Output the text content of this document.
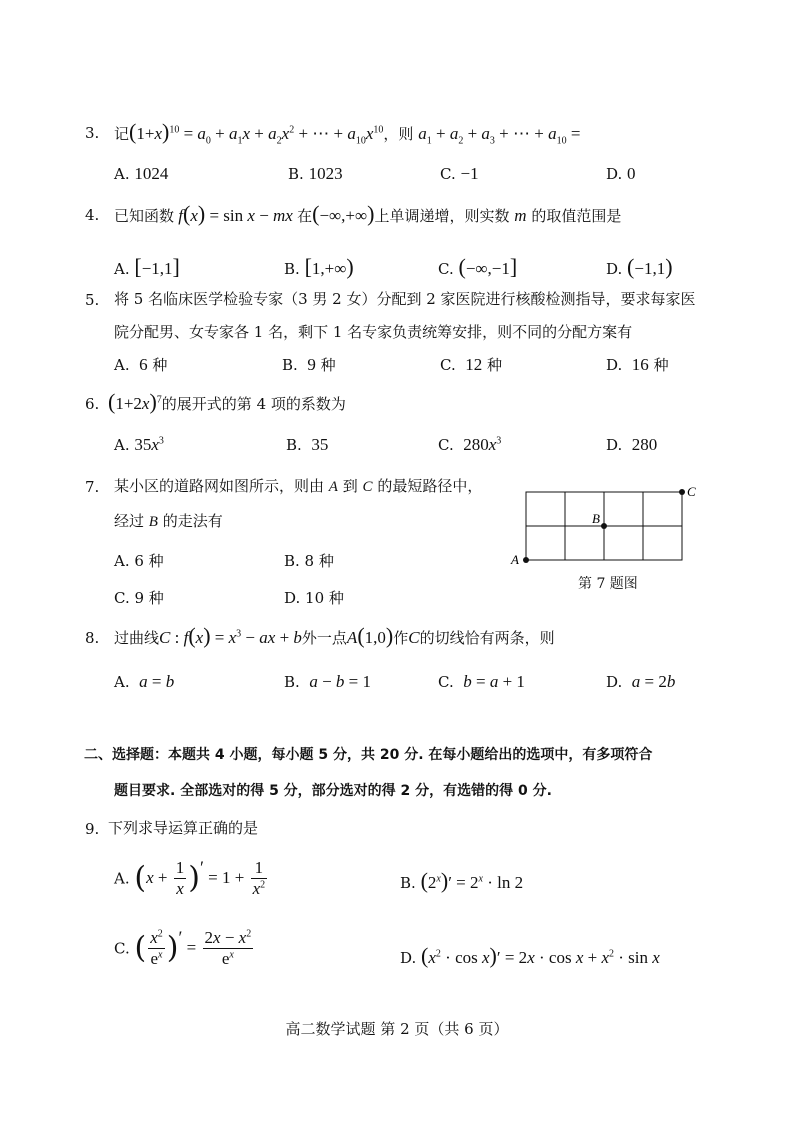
3. 记$(1+x)^{10} = a_0 + a_1x + a_2x^2$ + ⋯ + $a_{10}x^{10}$，则 $a_1 + a_2 + a_3$ + ⋯ + $a_{10}$ =
A. 1024	B. 1023	C. −1	D. 0
4. 已知函数 f(x) = sin x − mx 在(−∞,+∞)上单调递增，则实数 m 的取值范围是
A. [−1,1]	B. [1,+∞)	C. (−∞,−1]	D. (−1,1)
5. 将 5 名临床医学检验专家（3 男 2 女）分配到 2 家医院进行核酸检测指导，要求每家医
院分配男、女专家各 1 名，剩下 1 名专家负责统筹安排，则不同的分配方案有
A.  6 种	B.  9 种	C.  12 种	D.  16 种
6. $(1+2x)^7$的展开式的第 4 项的系数为
A. $35x^3$	B.  35	C.  $280x^3$	D.  280
7. 某小区的道路网如图所示，则由 A 到 C 的最短路径中，
经过 B 的走法有
A. 6 种	B. 8 种
C. 9 种	D. 10 种
A
B
C
第 7 题图
8. 过曲线C : $f(x) = x^3$ − ax + b外一点A(1,0)作C的切线恰有两条，则
A.  a = b	B.  a − b = 1	C.  b = a + 1	D.  a = 2b
二、选择题：本题共 4 小题，每小题 5 分，共 20 分. 在每小题给出的选项中，有多项符合
题目要求. 全部选对的得 5 分，部分选对的得 2 分，有选错的得 0 分.
9. 下列求导运算正确的是
A. ($x + \frac{1}{x}$ )′ = $1 + \frac{1}{x^2}$	B. $(2^x)' = 2^x \cdot \ln 2$
C. ( $\frac{x^2}{e^x}$ )′ = $\frac{2x - x^2}{e^x}$	D. $(x^2 \cdot \cos x)' = 2x \cdot \cos x + x^2 \cdot \sin x$
高二数学试题 第 2 页（共 6 页）
